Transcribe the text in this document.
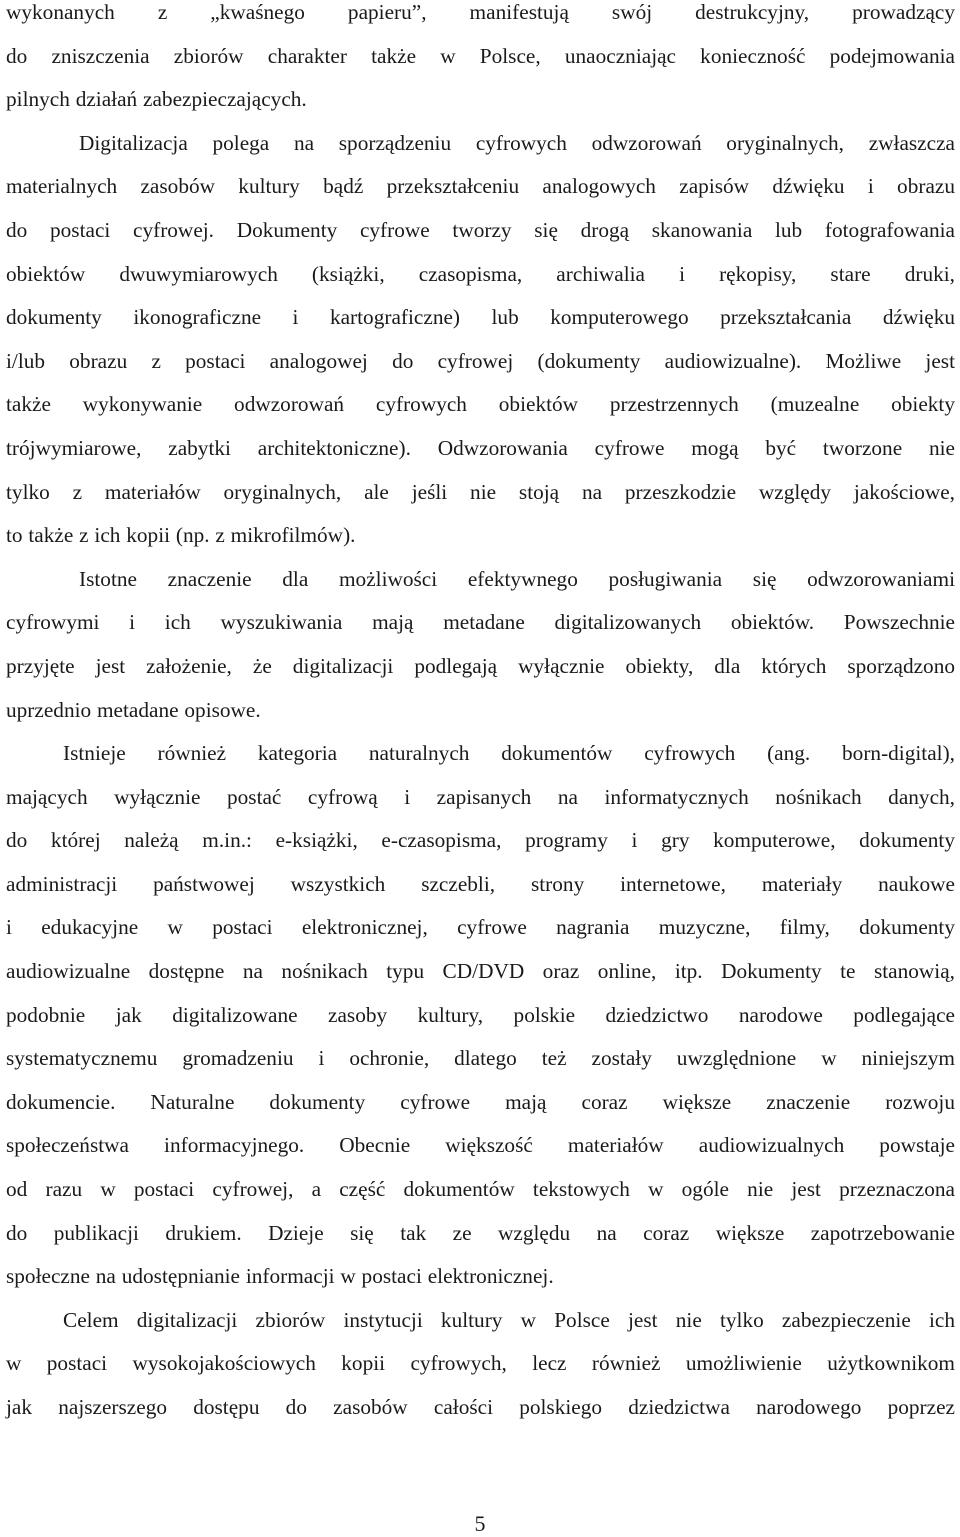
wykonanych z „kwaśnego papieru”, manifestują swój destrukcyjny, prowadzący
do zniszczenia zbiorów charakter także w Polsce, unaoczniając konieczność podejmowania
pilnych działań zabezpieczających.

Digitalizacja polega na sporządzeniu cyfrowych odwzorowań oryginalnych, zwłaszcza
materialnych zasobów kultury bądź przekształceniu analogowych zapisów dźwięku i obrazu
do postaci cyfrowej. Dokumenty cyfrowe tworzy się drogą skanowania lub fotografowania
obiektów dwuwymiarowych (książki, czasopisma, archiwalia i rękopisy, stare druki,
dokumenty ikonograficzne i kartograficzne) lub komputerowego przekształcania dźwięku
i/lub obrazu z postaci analogowej do cyfrowej (dokumenty audiowizualne). Możliwe jest
także wykonywanie odwzorowań cyfrowych obiektów przestrzennych (muzealne obiekty
trójwymiarowe, zabytki architektoniczne). Odwzorowania cyfrowe mogą być tworzone nie
tylko z materiałów oryginalnych, ale jeśli nie stoją na przeszkodzie względy jakościowe,
to także z ich kopii (np. z mikrofilmów).

Istotne znaczenie dla możliwości efektywnego posługiwania się odwzorowaniami
cyfrowymi i ich wyszukiwania mają metadane digitalizowanych obiektów. Powszechnie
przyjęte jest założenie, że digitalizacji podlegają wyłącznie obiekty, dla których sporządzono
uprzednio metadane opisowe.

Istnieje również kategoria naturalnych dokumentów cyfrowych (ang. born-digital),
mających wyłącznie postać cyfrową i zapisanych na informatycznych nośnikach danych,
do której należą m.in.: e-książki, e-czasopisma, programy i gry komputerowe, dokumenty
administracji państwowej wszystkich szczebli, strony internetowe, materiały naukowe
i edukacyjne w postaci elektronicznej, cyfrowe nagrania muzyczne, filmy, dokumenty
audiowizualne dostępne na nośnikach typu CD/DVD oraz online, itp. Dokumenty te stanowią,
podobnie jak digitalizowane zasoby kultury, polskie dziedzictwo narodowe podlegające
systematycznemu gromadzeniu i ochronie, dlatego też zostały uwzględnione w niniejszym
dokumencie. Naturalne dokumenty cyfrowe mają coraz większe znaczenie rozwoju
społeczeństwa informacyjnego. Obecnie większość materiałów audiowizualnych powstaje
od razu w postaci cyfrowej, a część dokumentów tekstowych w ogóle nie jest przeznaczona
do publikacji drukiem. Dzieje się tak ze względu na coraz większe zapotrzebowanie
społeczne na udostępnianie informacji w postaci elektronicznej.

Celem digitalizacji zbiorów instytucji kultury w Polsce jest nie tylko zabezpieczenie ich
w postaci wysokojakościowych kopii cyfrowych, lecz również umożliwienie użytkownikom
jak najszerszego dostępu do zasobów całości polskiego dziedzictwa narodowego poprzez

5
